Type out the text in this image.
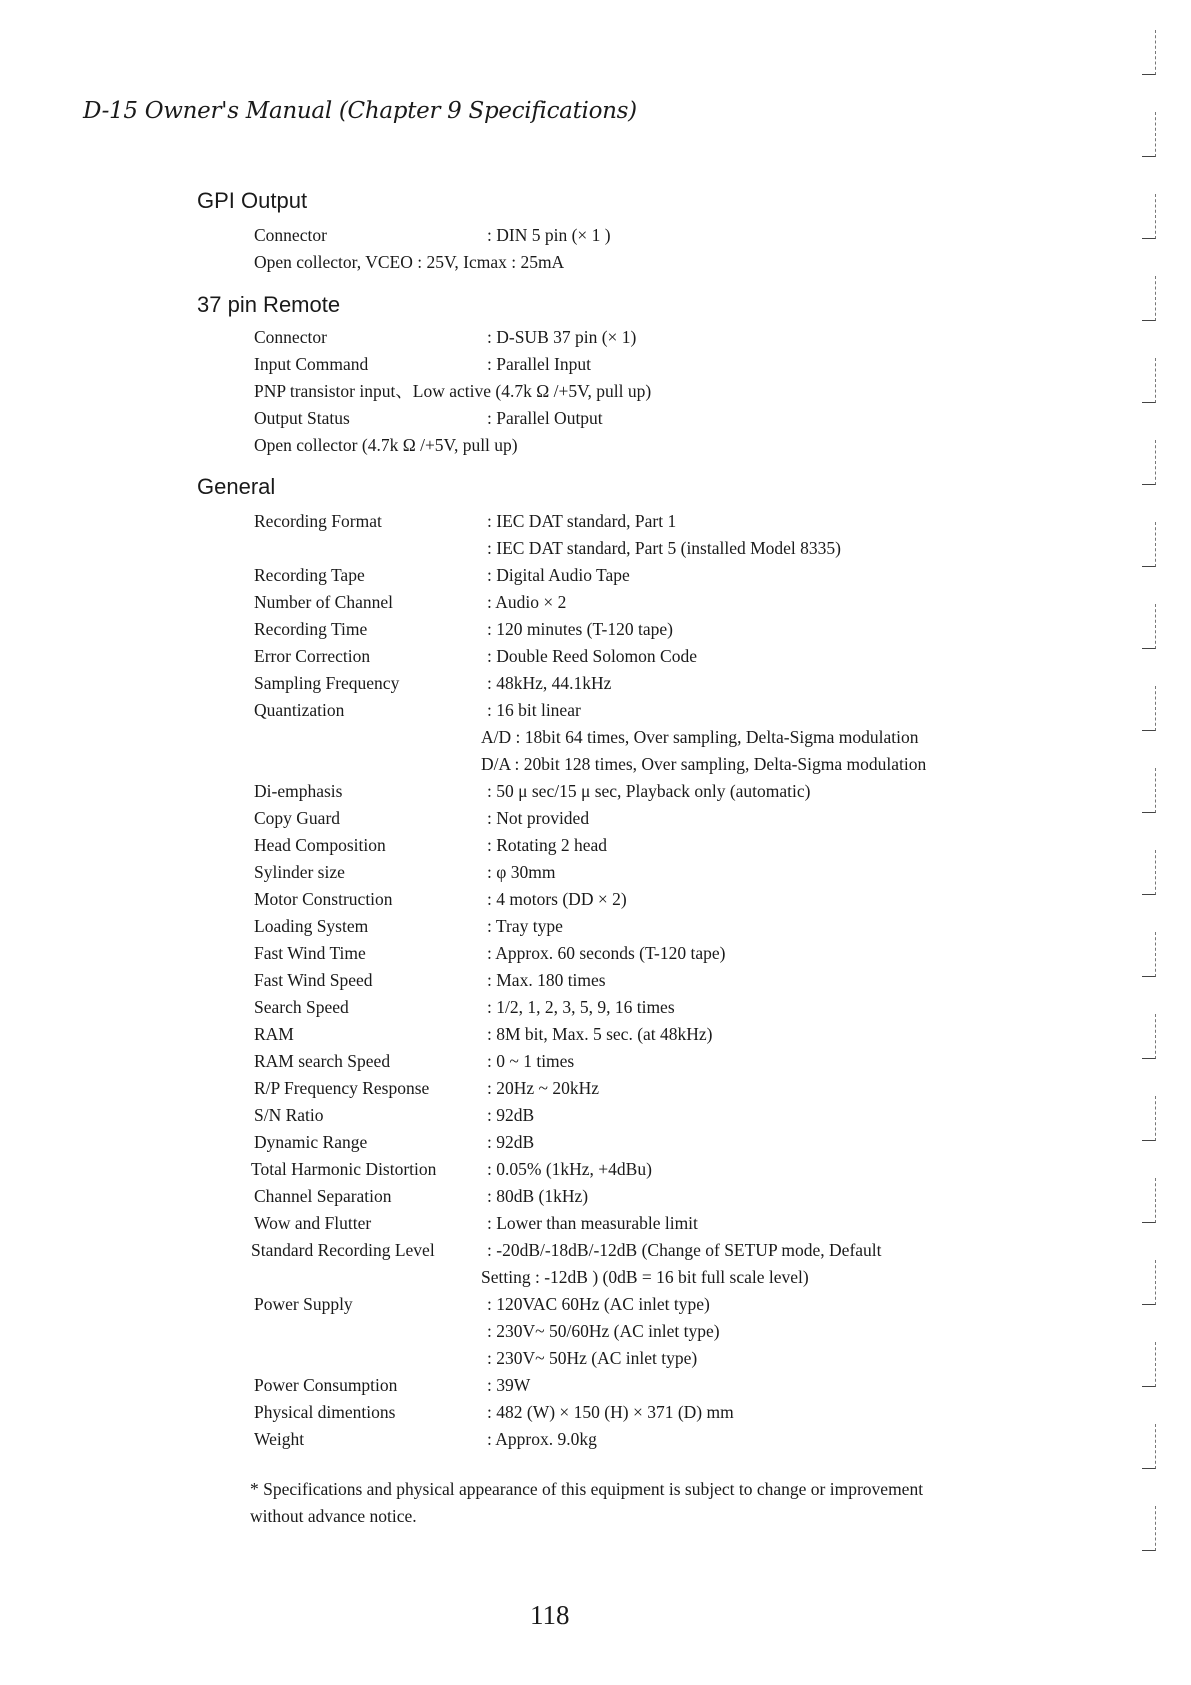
D-15 Owner's Manual (Chapter 9 Specifications)
GPI Output
Connector	: DIN 5 pin (× 1 )
Open collector, VCEO : 25V, Icmax : 25mA
37 pin Remote
Connector	: D-SUB 37 pin (× 1)
Input Command	: Parallel Input
PNP transistor input、Low active (4.7k Ω /+5V, pull up)
Output Status	: Parallel Output
Open collector (4.7k Ω /+5V, pull up)
General
Recording Format	: IEC DAT standard, Part 1
: IEC DAT standard, Part 5 (installed Model 8335)
Recording Tape	: Digital Audio Tape
Number of Channel	: Audio × 2
Recording Time	: 120 minutes (T-120 tape)
Error Correction	: Double Reed Solomon Code
Sampling Frequency	: 48kHz, 44.1kHz
Quantization	: 16 bit linear
A/D : 18bit 64 times, Over sampling, Delta-Sigma modulation
D/A : 20bit 128 times, Over sampling, Delta-Sigma modulation
Di-emphasis	: 50 μ sec/15 μ sec, Playback only (automatic)
Copy Guard	: Not provided
Head Composition	: Rotating 2 head
Sylinder size	: φ 30mm
Motor Construction	: 4 motors (DD × 2)
Loading System	: Tray type
Fast Wind Time	: Approx. 60 seconds (T-120 tape)
Fast Wind Speed	: Max. 180 times
Search Speed	: 1/2, 1, 2, 3, 5, 9, 16 times
RAM	: 8M bit, Max. 5 sec. (at 48kHz)
RAM search Speed	: 0 ~ 1 times
R/P Frequency Response	: 20Hz ~ 20kHz
S/N Ratio	: 92dB
Dynamic Range	: 92dB
Total Harmonic Distortion	: 0.05% (1kHz, +4dBu)
Channel Separation	: 80dB (1kHz)
Wow and Flutter	: Lower than measurable limit
Standard Recording Level	: -20dB/-18dB/-12dB (Change of SETUP mode, Default
Setting : -12dB ) (0dB = 16 bit full scale level)
Power Supply	: 120VAC 60Hz (AC inlet type)
: 230V~ 50/60Hz (AC inlet type)
: 230V~ 50Hz (AC inlet type)
Power Consumption	: 39W
Physical dimentions	: 482 (W) × 150 (H) × 371 (D) mm
Weight	: Approx. 9.0kg
* Specifications and physical appearance of this equipment is subject to change or improvement without advance notice.
118
